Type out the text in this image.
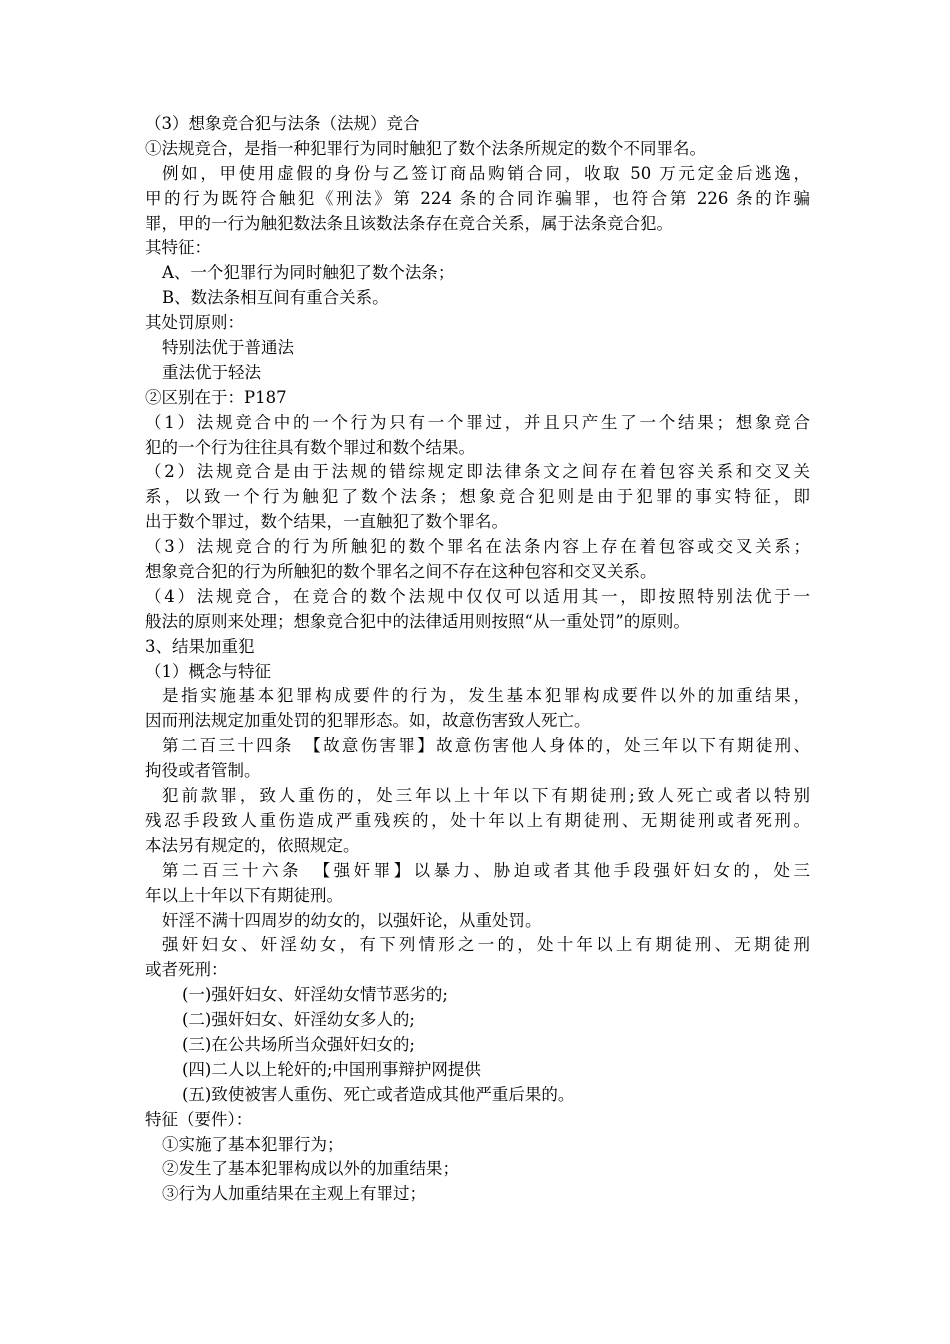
（3）想象竞合犯与法条（法规）竞合
①法规竞合，是指一种犯罪行为同时触犯了数个法条所规定的数个不同罪名。
例如，甲使用虚假的身份与乙签订商品购销合同，收取 50 万元定金后逃逸，
甲的行为既符合触犯《刑法》第 224 条的合同诈骗罪，也符合第 226 条的诈骗
罪，甲的一行为触犯数法条且该数法条存在竞合关系，属于法条竞合犯。
其特征：
A、一个犯罪行为同时触犯了数个法条；
B、数法条相互间有重合关系。
其处罚原则：
特别法优于普通法
重法优于轻法
②区别在于：P187
（1）法规竞合中的一个行为只有一个罪过，并且只产生了一个结果；想象竞合
犯的一个行为往往具有数个罪过和数个结果。
（2）法规竞合是由于法规的错综规定即法律条文之间存在着包容关系和交叉关
系，以致一个行为触犯了数个法条；想象竞合犯则是由于犯罪的事实特征，即
出于数个罪过，数个结果，一直触犯了数个罪名。
（3）法规竞合的行为所触犯的数个罪名在法条内容上存在着包容或交叉关系；
想象竞合犯的行为所触犯的数个罪名之间不存在这种包容和交叉关系。
（4）法规竞合，在竞合的数个法规中仅仅可以适用其一，即按照特别法优于一
般法的原则来处理；想象竞合犯中的法律适用则按照“从一重处罚”的原则。
3、结果加重犯
（1）概念与特征
是指实施基本犯罪构成要件的行为，发生基本犯罪构成要件以外的加重结果，
因而刑法规定加重处罚的犯罪形态。如，故意伤害致人死亡。
第二百三十四条　【故意伤害罪】故意伤害他人身体的，处三年以下有期徒刑、
拘役或者管制。
犯前款罪，致人重伤的，处三年以上十年以下有期徒刑;致人死亡或者以特别
残忍手段致人重伤造成严重残疾的，处十年以上有期徒刑、无期徒刑或者死刑。
本法另有规定的，依照规定。
第二百三十六条　【强奸罪】以暴力、胁迫或者其他手段强奸妇女的，处三
年以上十年以下有期徒刑。
奸淫不满十四周岁的幼女的，以强奸论，从重处罚。
强奸妇女、奸淫幼女，有下列情形之一的，处十年以上有期徒刑、无期徒刑
或者死刑：
(一)强奸妇女、奸淫幼女情节恶劣的;
(二)强奸妇女、奸淫幼女多人的;
(三)在公共场所当众强奸妇女的;
(四)二人以上轮奸的;中国刑事辩护网提供
(五)致使被害人重伤、死亡或者造成其他严重后果的。
特征（要件）：
①实施了基本犯罪行为；
②发生了基本犯罪构成以外的加重结果；
③行为人加重结果在主观上有罪过；
